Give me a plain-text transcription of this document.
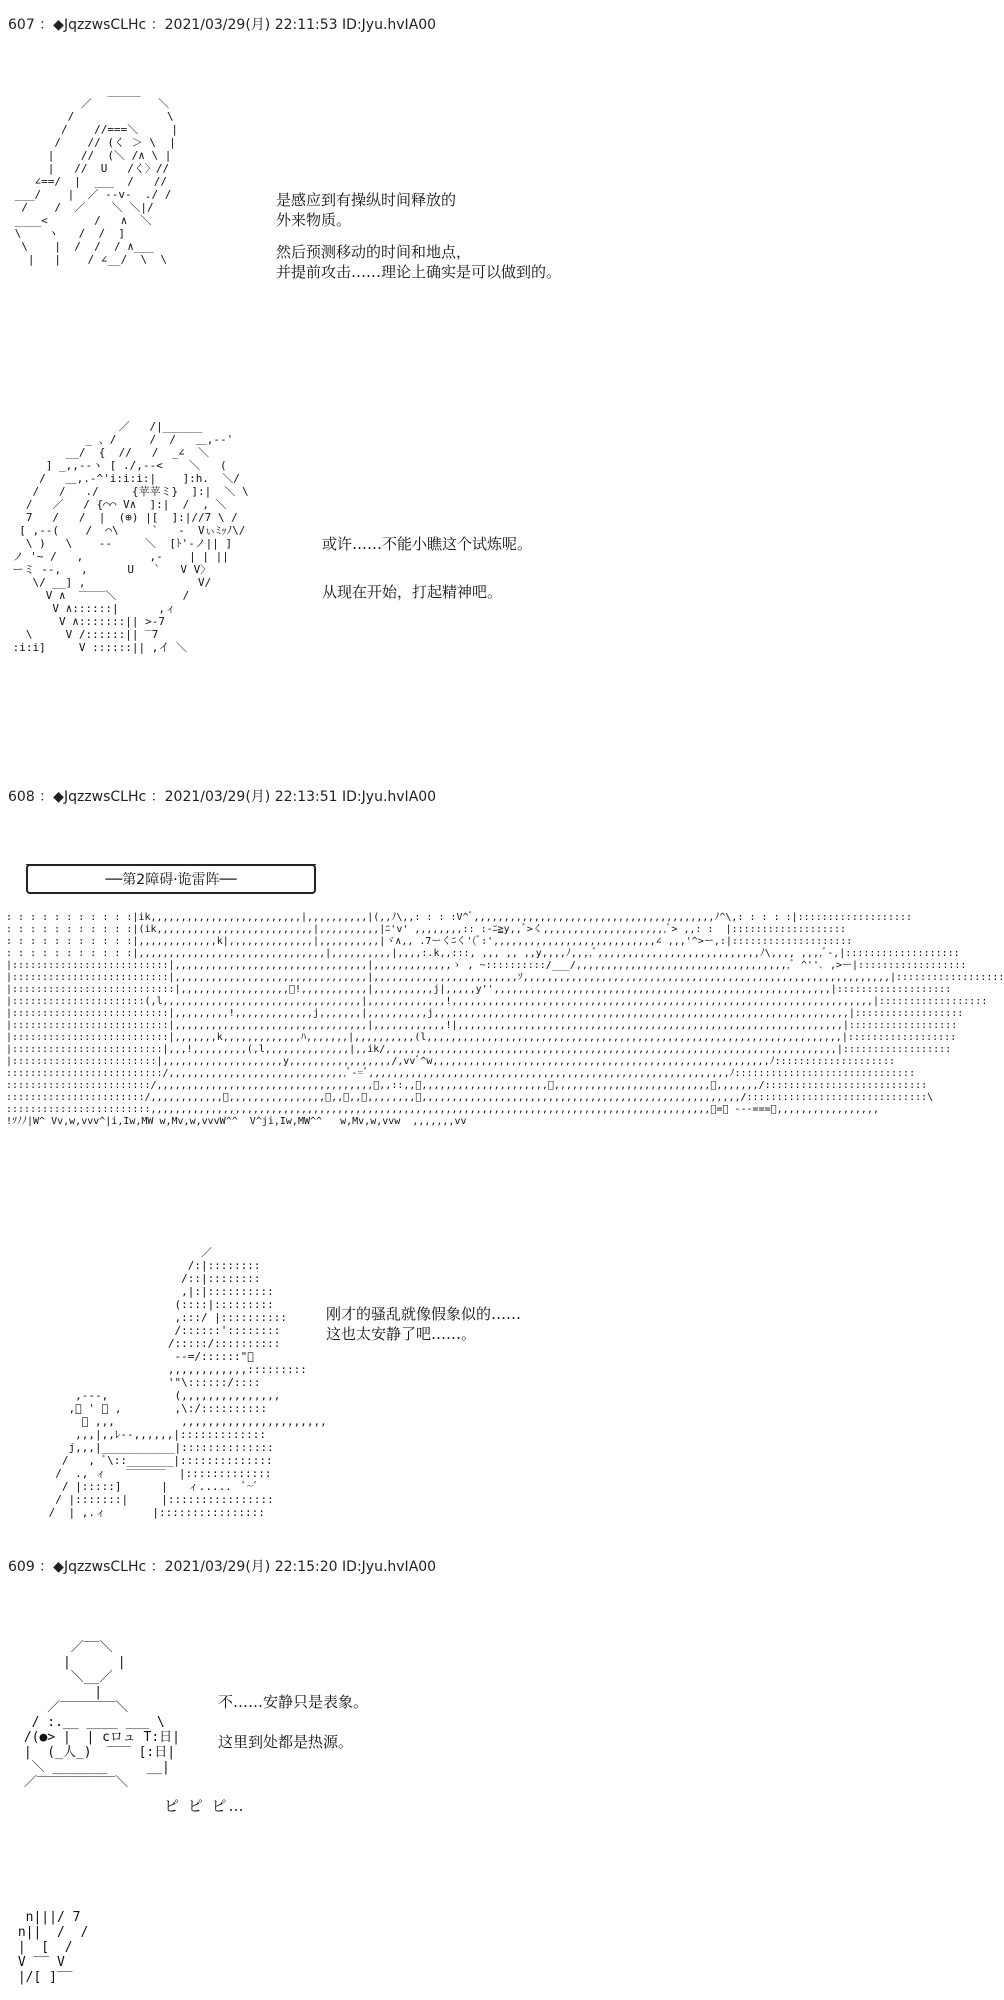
607 ：◆JqzzwsCLHc ：2021/03/29(月) 22:11:53 ID:Jyu.hvIA00
_____
／          ＼
/              \
/    //===＼     |
/    // (く ＞ \  |
|    //  (＼ /∧ \ |
|   //  U   /く〉//
∠==/  |  ___  /   //
___/    |  ／ ‐-v‐  ./ /
/    /  ／    ＼ ＼|/
____<       /   ∧  ＼
\    ヽ   /  /  ]
\    |  /  /  / ∧___
|   |    / ∠__/  \  \

是感应到有操纵时间释放的

外来物质。

然后预测移动的时间和地点，

并提前攻击……理论上确实是可以做到的。

／   /|______
_ 、/     /  /   ＿,-‐'
__/  {  //   /  _∠  ＼
] _,,--ヽ [ ./,-‐<    ＼   (
/   ＿,.-^'i:i:i:|    ]:h.  ＼/
/   /   ./     {苹苹ミ}  ]:|  ＼ \
/   ／   / {⌒⌒ V∧  ]:|  /  , ＼
7   /   /  |  (⊕) |[  ]:|//7 \ /
[ ,-‐(    /  ⌒\     `   ‐  Vぃﾐｯﾉ\/
\ )   \    -‐     ＼  [ﾄ'-ノ|| ]
ノ '~ /   ,          ,-    | | ||
ーミ -‐,   ,      U   `   V V〉
\/ __] ,                 V/
V ∧  ‾‾‾‾＼          /
V ∧::::::|      ,ィ
V ∧:::::::|| >-7
\     V /::::::|| ‾7
:i:i]     V ::::::|| ,イ ＼

或许……不能小瞧这个试炼呢。

从现在开始，打起精神吧。

608 ：◆JqzzwsCLHc ：2021/03/29(月) 22:13:51 ID:Jyu.hvIA00
──第2障碍·诡雷阵──
: : : : : : : : : : :|ik,,,,,,,,,,,,,,,,,,,,,,,,,|,,,,,,,,,,|(,,ﾉ\,,: : : :V^ﾞ,,,,,,,,,,,,,,,,,,,,,,,,,,,,,,,,,,,,,,,,ﾉ^\,: : : : :|:::::::::::::::::::
: : : : : : : : : : :|(ik,,,,,,,,,,,,,,,,,,,,,,,,,,|,,,,,,,,,,|ﾆ'v' ,,,,,,,,:: :-ﾆ≧y,,ﾞ>く,,,,,,,,,,,,,,,,,,,,,ﾞ> ,,: :  |:::::::::::::::::::
: : : : : : : : : : :|,,,,,,,,,,,,,k|,,,,,,,,,,,,,,|,,,,,,,,,,|ヾ∧,, .7ーくﾆく'(ﾞ:',,,,,,,,,,,,,,,,,,,,,,,,,,,∠ ,,,'^>ー,:|::::::::::::::::::::
: : : : : : : : : : :|,,,,,,,,,,,,,,,,,,,,,,,,,,,,,,,|,,,,,,,,,,|,,,,:.k,,:::, ,,, ,, ,,y,,,,ﾉ,,,,ﾞ,,,,,,,,,,,,,,,,,,,,,,,,,,,ﾉ\,,,, ,,,,ﾞ-,|:::::::::::::::::::
|::::::::::::::::::::::::::|,,,,,,,,,,,,,,,,,,,,,,,,,,,,,,,,|,,,,,,,,,,,,,ゝ , ~::::::::::/___/,,,,,,,,,,,,,,,,,,,,,,,,,,,,,,,,,,,,ﾞ ^''､ ,>ー|::::::::::::::::::
|::::::::::::::::::::::::::|,,,,,,,,,,,,,,,,,,,,,,,,,,,,,,,,|,,,,,,,,,,,,,,,,,,,,,,,,ｿ,,,,,,,,,,,,,,,,,,,,,,,,,,,,,,,,,,,,,,,,,,,,,,,,,,,,,,,,,,,,,|::::::::::::::::::
|:::::::::::::::::::::::::::|,,,,,,,,,,,,,,,,,,ﾞ!,,,,,,,,,,,|,,,,,,,,,,j|,,,,,y'',,,,,,,,,,,,,,,,,,,,,,,,,,,,,,,,,,,,,,,,,,,,,,,,,,,,,,,,|:::::::::::::::::::
|::::::::::::::::::::::(,l,,,,,,,,,,,,,,,,,,,,,,,,,,,,,,,,,|,,,,,,,,,,,,,!,,,,,,,,,,,,,,,,,,,,,,,,,,,,,,,,,,,,,,,,,,,,,,,,,,,,,,,,,,,,,,,,,,,,,,|::::::::::::::::::
|::::::::::::::::::::::::::|,,,,,,,,,!,,,,,,,,,,,,,j,,,,,,,|,,,,,,,,,,j,,,,,,,,,,,,,,,,,,,,,,,,,,,,,,,,,,,,,,,,,,,,,,,,,,,,,,,,,,,,,,,,,,,,,|::::::::::::::::::
|::::::::::::::::::::::::::|,,,,,,,,,,,,,,,,,,,,,,,,,,,,,,,,|,,,,,,,,,,,,!|,,,,,,,,,,,,,,,,,,,,,,,,,,,,,,,,,,,,,,,,,,,,,,,,,,,,,,,,,,,,,,,,|::::::::::::::::::
|::::::::::::::::::::::::::|,,,,,,,k,,,,,,,,,,,,,ﾊ,,,,,,,|,,,,,,,,,,(l,,,,,,,,,,,,,,,,,,,,,,,,,,,,,,,,,,,,,,,,,,,,,,,,,,,,,,,,,,,,,,,,,,,,,|::::::::::::::::::
|:::::::::::::::::::::::::|,,,!,,,,,,,,,(,l,,,,,,,,,,,,,,|,,ik/,,,,,,,,,,,,,,,,,,,,,,,,,,,,,,,,,,,,,,,,,,,,,,,,,,,,,,,,,,,,,,,,,,,,,,,,,,,|::::::::::::::::::
|::::::::::::::::::::::::|,,,,,,,,,,,,,,,,,,,,y,,,,,,,,,,,,,,,,,/,vvﾞ^w,,,,,,,,,,,,,,,,,,,,,,,,,,,,,,,,,,,,,,,,,,,,,,,,,,,,,,,,ﾉ::::::::::::::::::::
::::::::::::::::::::::::::/,,,,,,,,,,,,,,,,,,,,,,,,,,,,,,ﾞ-=ﾞ,,,,,,,,,,,,,,,,,,,,,,,,,,,,,,,,,,,,,,,,,,,,,,,,,,,,,,,,,,,,ﾉ::::::::::::::::::::::::::::::
::::::::::::::::::::::::/,,,,,,,,,,,,,,,,,,,,,,,,,,,,,,,,,,,,ﾞ,,::,,ﾞ,,,,,,,,,,,,,,,,,,,,,ﾞ,,,,,,,,,,,,,,,,,,,,,,,,,,ﾞ,,,,,,,/:::::::::::::::::::::::::::
:::::::::::::::::::::::/,,,,,,,,,,,,ﾞ,,,,,,,,,,,,,,,,ﾞ,,ﾞ,,ﾞ,,,,,,,,ﾞ,,,,,,,,,,,,,,,,,,,,,,,,,,,,,,,,,,,,,,,,,,,,,,,,,,,,,/::::::::::::::::::::::::::::::\
::::::::::::::::::::::::,,,,,,,,,,,,,,,,,,,,,,,,,,,,,,,,,,,,,,,,,,,,,,,,,,,,,,,,,,,,,,,,,,,,,,,,,,,,,,,,,,,,,,,,,,,,,ﾞ=ﾞ ---===ﾞ,,,,,,,,,,,,,,,,,
!ｿﾉﾉ|W^ Vv,w,vvv^|i,Iw,MW w,Mv,w,vvvW^^  V^ji,Iw,MW^^   w,Mv,w,vvw  ,,,,,,,vv

／
/:|::::::::
/::|::::::::
,|:|::::::::::
(::::|:::::::::
,:::/ |::::::::::
/::::::'::::::::
/:::::/::::::::::
-‐=/::::::"ﾞ
,,,,,,,,,,,,:::::::::
'"\::::::/::::
,---,          (,,,,,,,,,,,,,,,
,ﾞ ' ﾞ ,        ,\:/::::::::::
ﾞ ,,,          ,,,,,,,,,,,,,,,,,,,,,,
,,,|,,ﾚ--,,,,,,|:::::::::::::
j,,,|___________|::::::::::::::
/   , ﾞ\::_______|::::::::::::::
/  ., ィ   ‾‾‾‾‾‾  |:::::::::::::
/ |:::::]      |   ィ.....  ﾞ~ﾞ
/ |:::::::|     |::::::::::::::::
/  | ,.ィ       |::::::::::::::::

刚才的骚乱就像假象似的……

这也太安静了吧……。

609 ：◆JqzzwsCLHc ：2021/03/29(月) 22:15:20 ID:Jyu.hvIA00
／‾‾＼
|      |
＼__／
|
／‾‾‾‾‾‾‾＼
/ :.__ ____ ___ \
/(●> |  | cロュ T:日|
|  (_人_)  ‾‾‾ [:日|
＼ _______     __|
／‾‾‾‾‾‾‾‾‾‾＼

ピ ピ ピ…

不……安静只是表象。

这里到处都是热源。

n|||/ 7
n||  /  /
|  [  /
V ‾‾ V
|/[ ]‾‾
